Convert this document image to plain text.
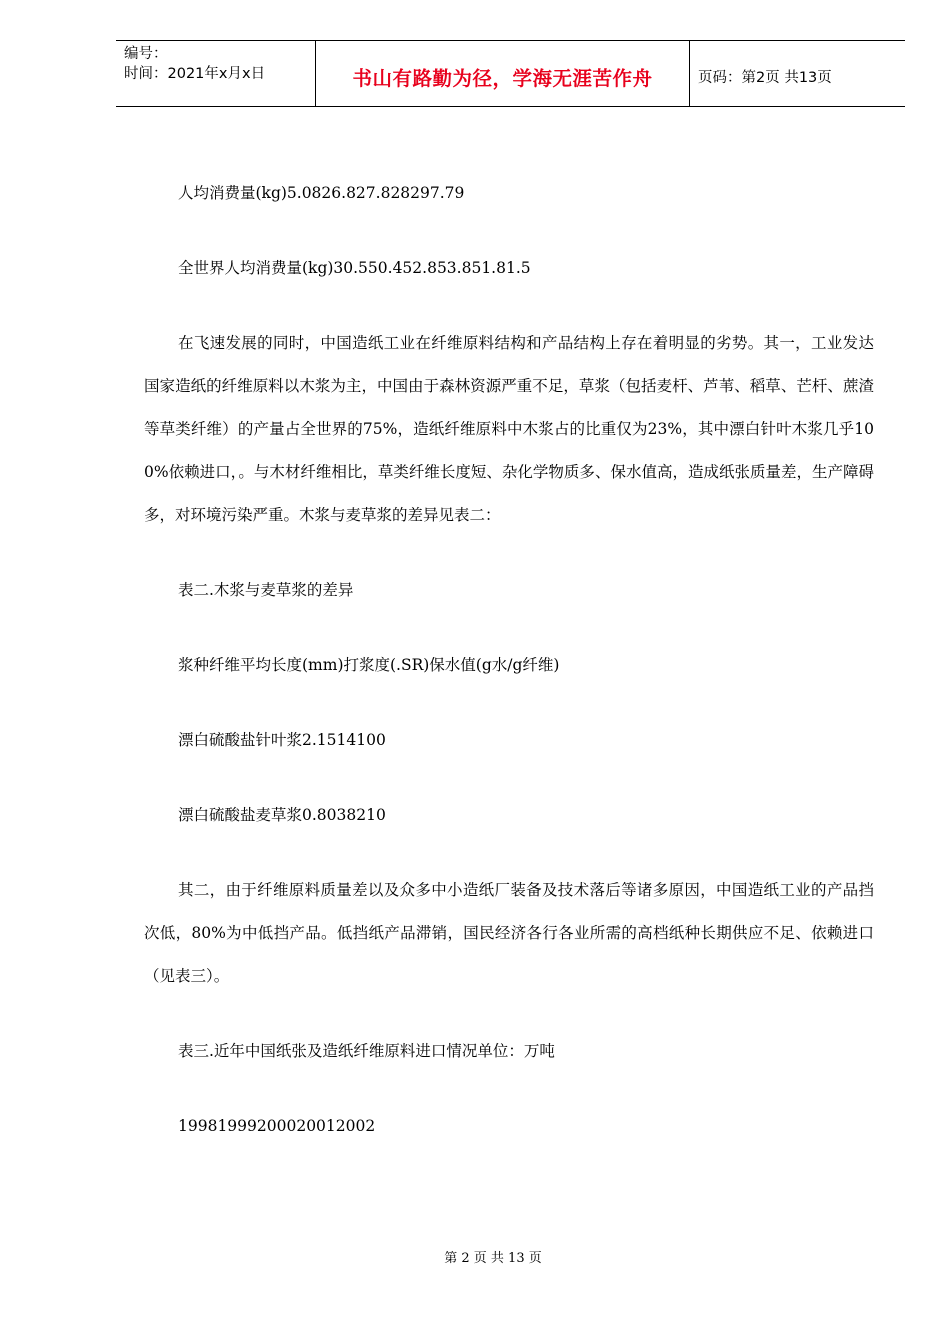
编号：
时间：2021年x月x日	书山有路勤为径，学海无涯苦作舟	页码：第2页 共13页

人均消费量(kg)5.0826.827.828297.79

全世界人均消费量(kg)30.550.452.853.851.81.5

在飞速发展的同时，中国造纸工业在纤维原料结构和产品结构上存在着明显的劣势。其一，工业发达国家造纸的纤维原料以木浆为主，中国由于森林资源严重不足，草浆（包括麦杆、芦苇、稻草、芒杆、蔗渣等草类纤维）的产量占全世界的75%，造纸纤维原料中木浆占的比重仅为23%，其中漂白针叶木浆几乎100%依赖进口，。与木材纤维相比，草类纤维长度短、杂化学物质多、保水值高，造成纸张质量差，生产障碍多，对环境污染严重。木浆与麦草浆的差异见表二：

表二.木浆与麦草浆的差异

浆种纤维平均长度(mm)打浆度(.SR)保水值(g水/g纤维)

漂白硫酸盐针叶浆2.1514100

漂白硫酸盐麦草浆0.8038210

其二，由于纤维原料质量差以及众多中小造纸厂装备及技术落后等诸多原因，中国造纸工业的产品挡次低，80%为中低挡产品。低挡纸产品滞销，国民经济各行各业所需的高档纸种长期供应不足、依赖进口（见表三）。

表三.近年中国纸张及造纸纤维原料进口情况单位：万吨

19981999200020012002

第 2 页 共 13 页
